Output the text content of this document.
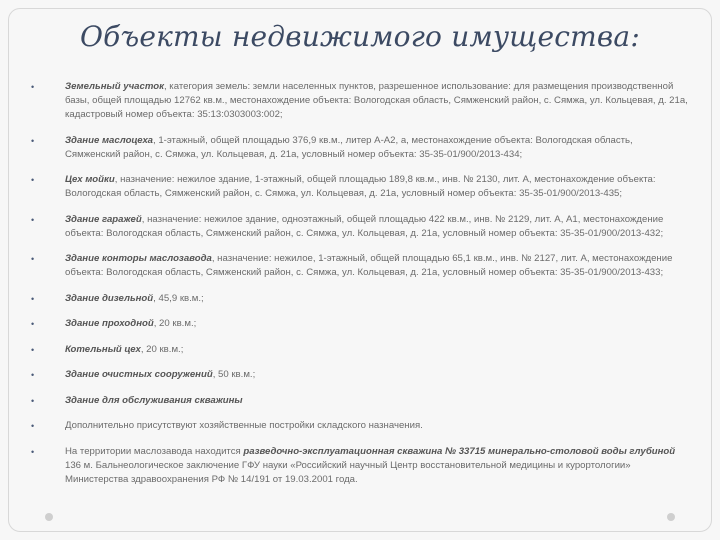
Объекты недвижимого имущества:
•	Земельный участок, категория земель: земли населенных пунктов, разрешенное использование: для размещения производственной базы, общей площадью 12762 кв.м., местонахождение объекта: Вологодская область, Сямженский район, с. Сямжа, ул. Кольцевая, д. 21а, кадастровый номер объекта: 35:13:0303003:002;
•	Здание маслоцеха, 1-этажный, общей площадью 376,9 кв.м., литер А-А2, а, местонахождение объекта: Вологодская область, Сямженский район, с. Сямжа, ул. Кольцевая, д. 21а, условный номер объекта: 35-35-01/900/2013-434;
•	Цех мойки, назначение: нежилое здание, 1-этажный, общей площадью 189,8 кв.м., инв. № 2130, лит. А, местонахождение объекта: Вологодская область, Сямженский район, с. Сямжа, ул. Кольцевая, д. 21а, условный номер объекта: 35-35-01/900/2013-435;
•	Здание гаражей, назначение: нежилое здание, одноэтажный, общей площадью 422 кв.м., инв. № 2129, лит. А, А1, местонахождение объекта: Вологодская область, Сямженский район, с. Сямжа, ул. Кольцевая, д. 21а, условный номер объекта: 35-35-01/900/2013-432;
•	Здание конторы маслозавода, назначение: нежилое, 1-этажный, общей площадью 65,1 кв.м., инв. № 2127, лит. А, местонахождение объекта: Вологодская область, Сямженский район, с. Сямжа, ул. Кольцевая, д. 21а, условный номер объекта: 35-35-01/900/2013-433;
•	Здание дизельной, 45,9 кв.м.;
•	Здание проходной, 20 кв.м.;
•	Котельный цех, 20 кв.м.;
•	Здание очистных сооружений, 50 кв.м.;
•	Здание для обслуживания скважины
•	Дополнительно присутствуют хозяйственные постройки складского назначения.
•	На территории маслозавода находится разведочно-эксплуатационная скважина № 33715 минерально-столовой воды глубиной 136 м. Бальнеологическое заключение ГФУ науки «Российский научный Центр восстановительной медицины и курортологии» Министерства здравоохранения РФ № 14/191 от 19.03.2001 года.
